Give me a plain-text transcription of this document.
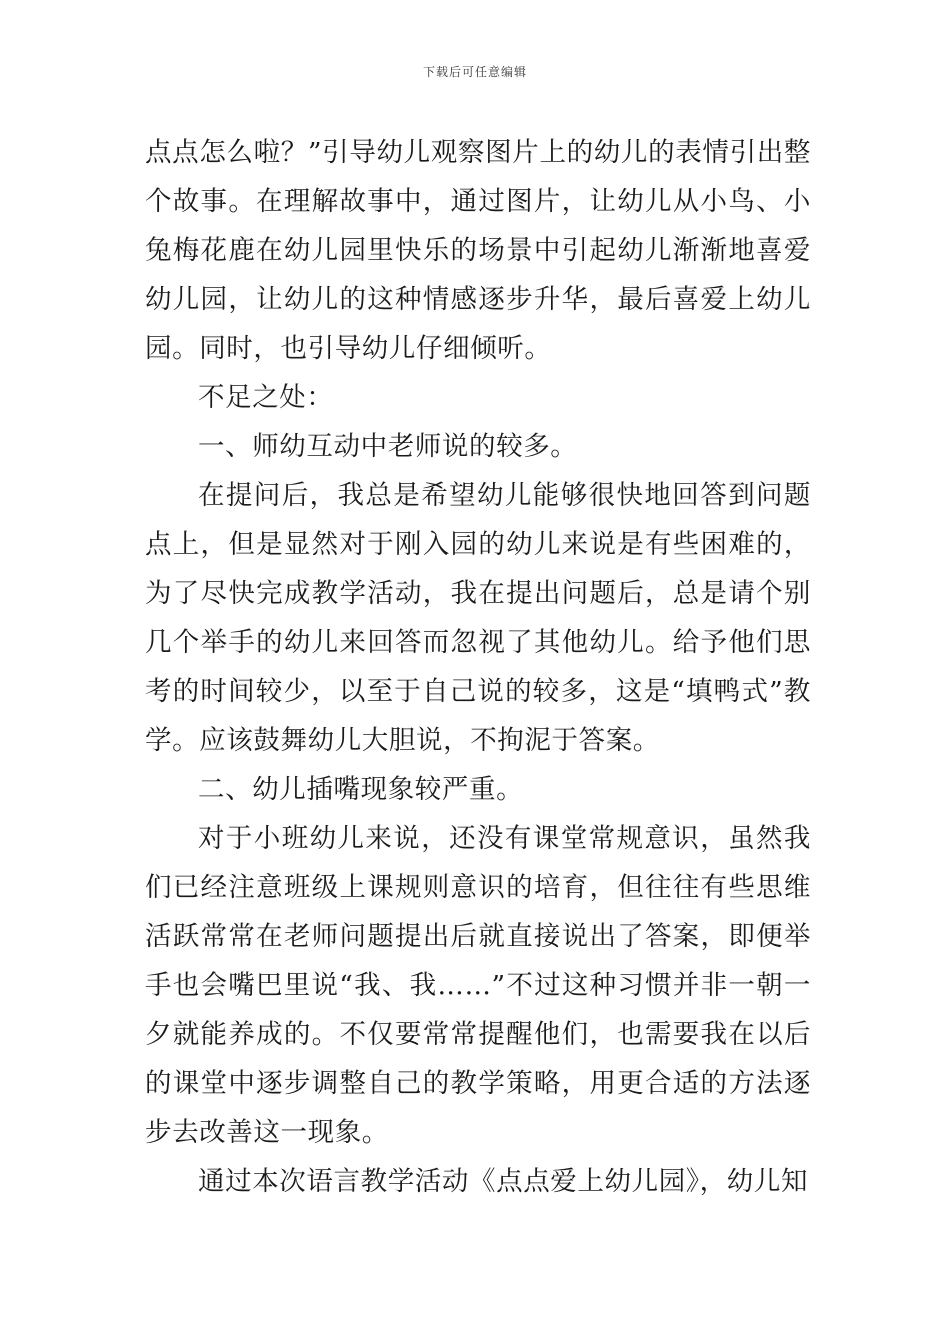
下载后可任意编辑

点点怎么啦？”引导幼儿观察图片上的幼儿的表情引出整个故事。在理解故事中，通过图片，让幼儿从小鸟、小兔梅花鹿在幼儿园里快乐的场景中引起幼儿渐渐地喜爱幼儿园，让幼儿的这种情感逐步升华，最后喜爱上幼儿园。同时，也引导幼儿仔细倾听。

不足之处：

一、师幼互动中老师说的较多。

在提问后，我总是希望幼儿能够很快地回答到问题点上，但是显然对于刚入园的幼儿来说是有些困难的，为了尽快完成教学活动，我在提出问题后，总是请个别几个举手的幼儿来回答而忽视了其他幼儿。给予他们思考的时间较少，以至于自己说的较多，这是“填鸭式”教学。应该鼓舞幼儿大胆说，不拘泥于答案。

二、幼儿插嘴现象较严重。

对于小班幼儿来说，还没有课堂常规意识，虽然我们已经注意班级上课规则意识的培育，但往往有些思维活跃常常在老师问题提出后就直接说出了答案，即便举手也会嘴巴里说“我、我……”不过这种习惯并非一朝一夕就能养成的。不仅要常常提醒他们，也需要我在以后的课堂中逐步调整自己的教学策略，用更合适的方法逐步去改善这一现象。

通过本次语言教学活动《点点爱上幼儿园》，幼儿知
